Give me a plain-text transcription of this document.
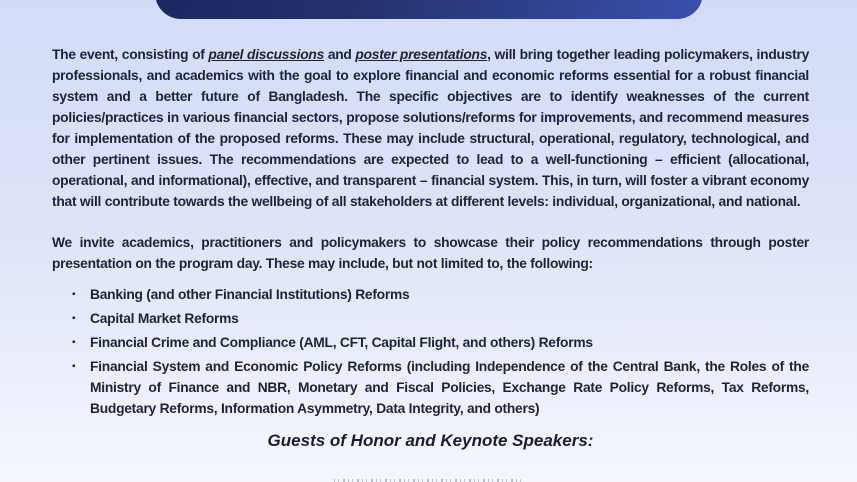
The event, consisting of panel discussions and poster presentations, will bring together leading policymakers, industry professionals, and academics with the goal to explore financial and economic reforms essential for a robust financial system and a better future of Bangladesh. The specific objectives are to identify weaknesses of the current policies/practices in various financial sectors, propose solutions/reforms for improvements, and recommend measures for implementation of the proposed reforms. These may include structural, operational, regulatory, technological, and other pertinent issues. The recommendations are expected to lead to a well-functioning – efficient (allocational, operational, and informational), effective, and transparent – financial system. This, in turn, will foster a vibrant economy that will contribute towards the wellbeing of all stakeholders at different levels: individual, organizational, and national.

We invite academics, practitioners and policymakers to showcase their policy recommendations through poster presentation on the program day. These may include, but not limited to, the following:

▪	Banking (and other Financial Institutions) Reforms
▪	Capital Market Reforms
▪	Financial Crime and Compliance (AML, CFT, Capital Flight, and others) Reforms
▪	Financial System and Economic Policy Reforms (including Independence of the Central Bank, the Roles of the Ministry of Finance and NBR, Monetary and Fiscal Policies, Exchange Rate Policy Reforms, Tax Reforms, Budgetary Reforms, Information Asymmetry, Data Integrity, and others)
Guests of Honor and Keynote Speakers:
